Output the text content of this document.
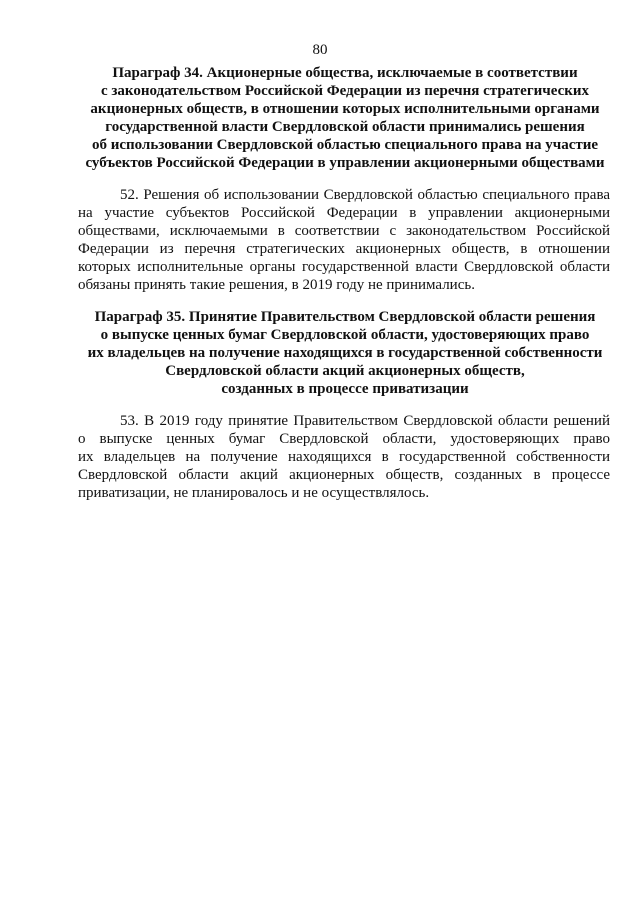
80
Параграф 34. Акционерные общества, исключаемые в соответствии
с законодательством Российской Федерации из перечня стратегических
акционерных обществ, в отношении которых исполнительными органами
государственной власти Свердловской области принимались решения
об использовании Свердловской областью специального права на участие
субъектов Российской Федерации в управлении акционерными обществами
52. Решения об использовании Свердловской областью специального права
на участие субъектов Российской Федерации в управлении акционерными
обществами, исключаемыми в соответствии с законодательством Российской
Федерации из перечня стратегических акционерных обществ, в отношении
которых исполнительные органы государственной власти Свердловской области
обязаны принять такие решения, в 2019 году не принимались.
Параграф 35. Принятие Правительством Свердловской области решения
о выпуске ценных бумаг Свердловской области, удостоверяющих право
их владельцев на получение находящихся в государственной собственности
Свердловской области акций акционерных обществ,
созданных в процессе приватизации
53. В 2019 году принятие Правительством Свердловской области решений
о выпуске ценных бумаг Свердловской области, удостоверяющих право
их владельцев на получение находящихся в государственной собственности
Свердловской области акций акционерных обществ, созданных в процессе
приватизации, не планировалось и не осуществлялось.
